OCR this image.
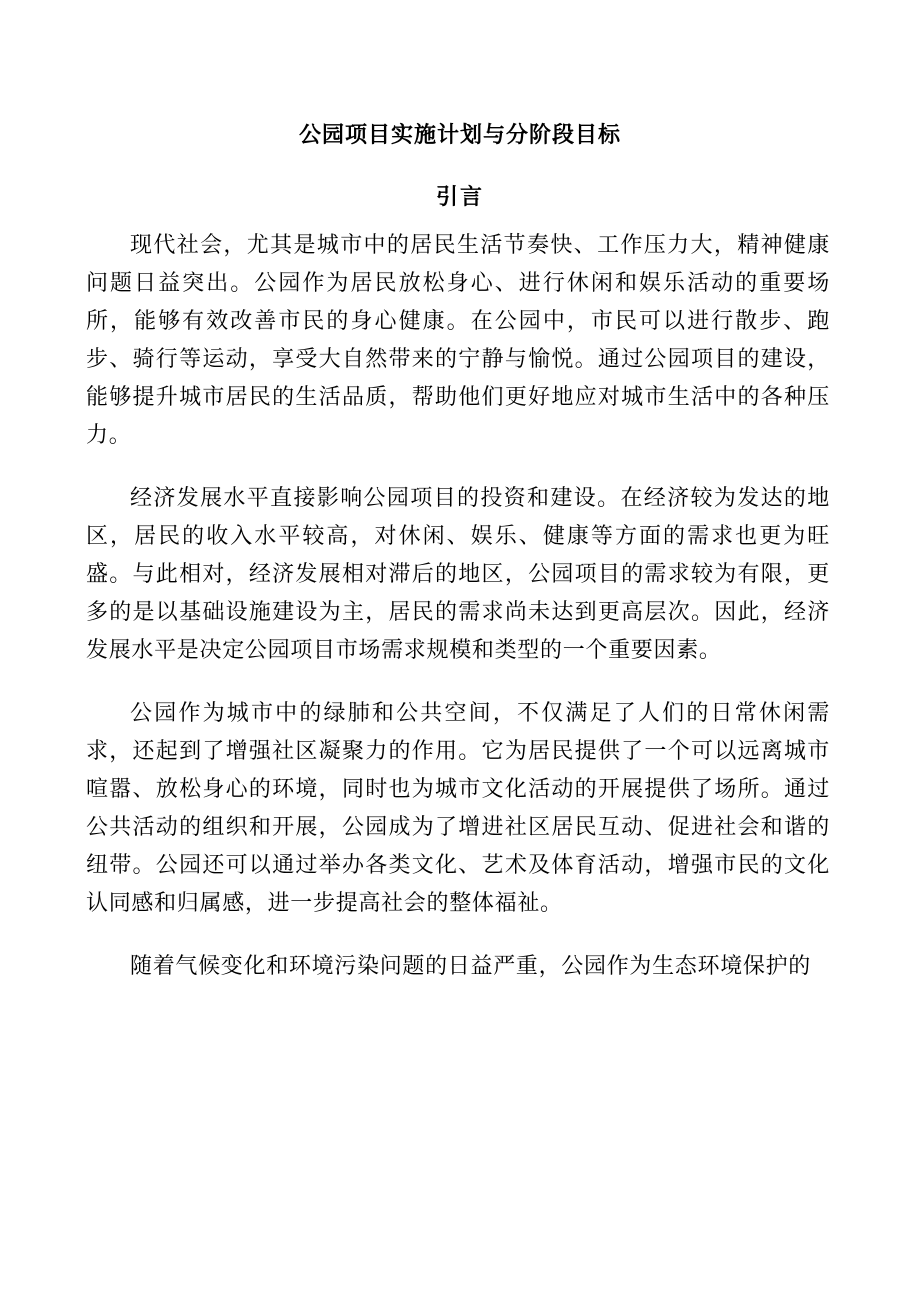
公园项目实施计划与分阶段目标
引言

现代社会，尤其是城市中的居民生活节奏快、工作压力大，精神健康问题日益突出。公园作为居民放松身心、进行休闲和娱乐活动的重要场所，能够有效改善市民的身心健康。在公园中，市民可以进行散步、跑步、骑行等运动，享受大自然带来的宁静与愉悦。通过公园项目的建设，能够提升城市居民的生活品质，帮助他们更好地应对城市生活中的各种压力。

经济发展水平直接影响公园项目的投资和建设。在经济较为发达的地区，居民的收入水平较高，对休闲、娱乐、健康等方面的需求也更为旺盛。与此相对，经济发展相对滞后的地区，公园项目的需求较为有限，更多的是以基础设施建设为主，居民的需求尚未达到更高层次。因此，经济发展水平是决定公园项目市场需求规模和类型的一个重要因素。

公园作为城市中的绿肺和公共空间，不仅满足了人们的日常休闲需求，还起到了增强社区凝聚力的作用。它为居民提供了一个可以远离城市喧嚣、放松身心的环境，同时也为城市文化活动的开展提供了场所。通过公共活动的组织和开展，公园成为了增进社区居民互动、促进社会和谐的纽带。公园还可以通过举办各类文化、艺术及体育活动，增强市民的文化认同感和归属感，进一步提高社会的整体福祉。

随着气候变化和环境污染问题的日益严重，公园作为生态环境保护的
